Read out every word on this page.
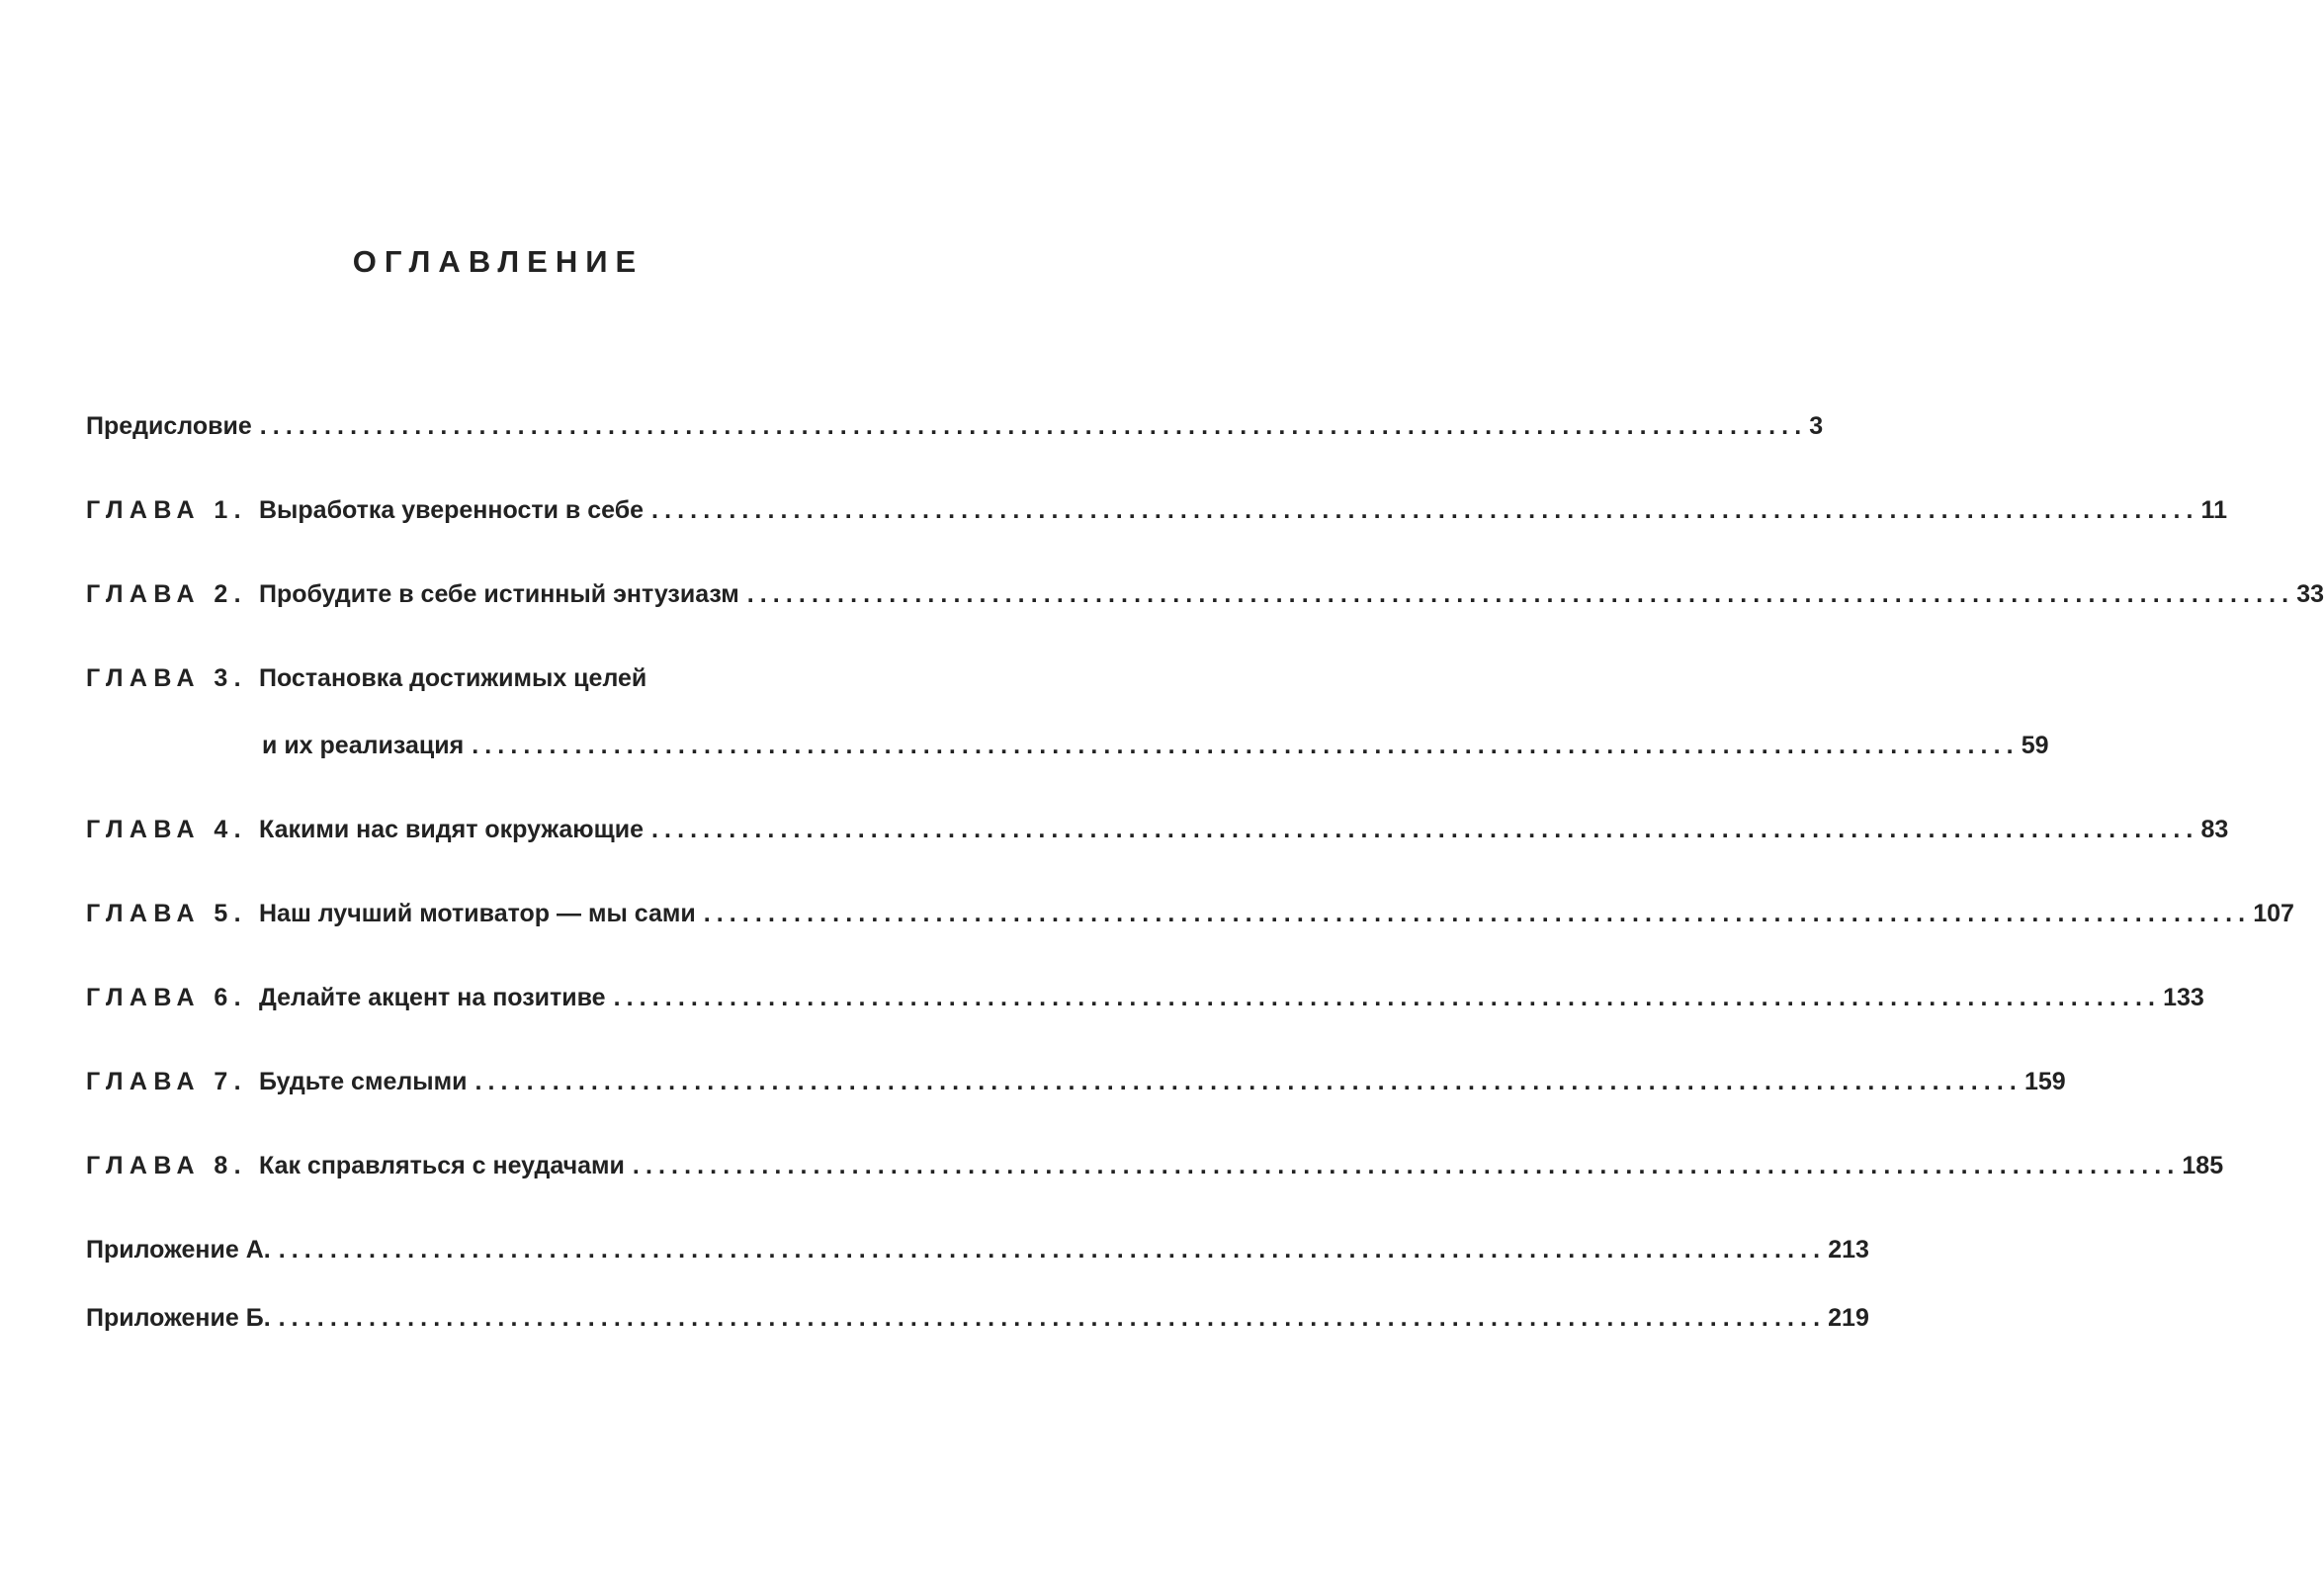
ОГЛАВЛЕНИЕ
Предисловие ........................................................................................................................ 3
ГЛАВА 1. Выработка уверенности в себе ........................................................................................................................ 11
ГЛАВА 2. Пробудите в себе истинный энтузиазм ........................................................................................................................ 33
ГЛАВА 3. Постановка достижимых целей
и их реализация ........................................................................................................................ 59
ГЛАВА 4. Какими нас видят окружающие ........................................................................................................................ 83
ГЛАВА 5. Наш лучший мотиватор — мы сами ........................................................................................................................ 107
ГЛАВА 6. Делайте акцент на позитиве ........................................................................................................................ 133
ГЛАВА 7. Будьте смелыми ........................................................................................................................ 159
ГЛАВА 8. Как справляться с неудачами ........................................................................................................................ 185
Приложение А. ........................................................................................................................ 213
Приложение Б. ........................................................................................................................ 219
